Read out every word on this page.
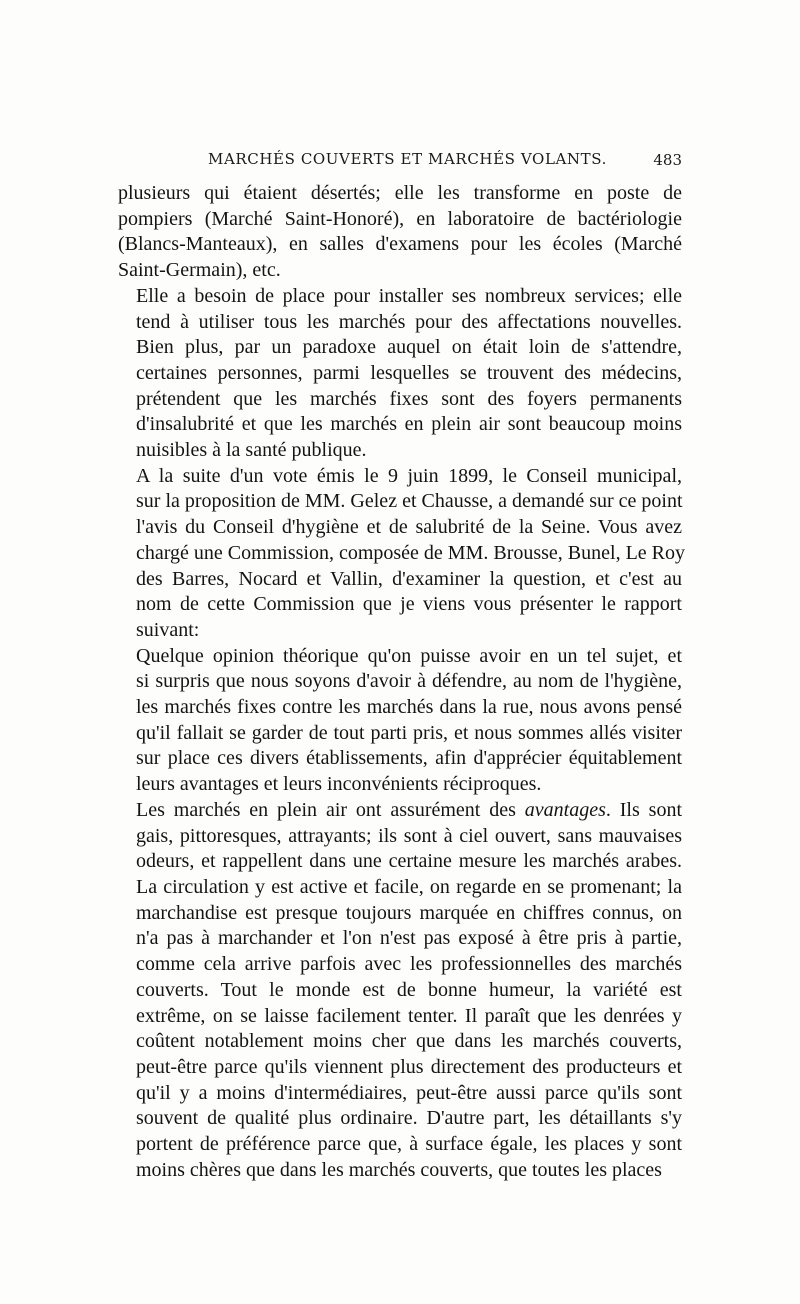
MARCHÉS COUVERTS ET MARCHÉS VOLANTS.	483

plusieurs qui étaient désertés; elle les transforme en poste de
pompiers (Marché Saint-Honoré), en laboratoire de bactériologie
(Blancs-Manteaux), en salles d'examens pour les écoles (Marché
Saint-Germain), etc.

Elle a besoin de place pour installer ses nombreux services; elle
tend à utiliser tous les marchés pour des affectations nouvelles.
Bien plus, par un paradoxe auquel on était loin de s'attendre,
certaines personnes, parmi lesquelles se trouvent des médecins,
prétendent que les marchés fixes sont des foyers permanents
d'insalubrité et que les marchés en plein air sont beaucoup moins
nuisibles à la santé publique.

A la suite d'un vote émis le 9 juin 1899, le Conseil municipal,
sur la proposition de MM. Gelez et Chausse, a demandé sur ce point
l'avis du Conseil d'hygiène et de salubrité de la Seine. Vous avez
chargé une Commission, composée de MM. Brousse, Bunel, Le Roy
des Barres, Nocard et Vallin, d'examiner la question, et c'est au
nom de cette Commission que je viens vous présenter le rapport
suivant:

Quelque opinion théorique qu'on puisse avoir en un tel sujet, et
si surpris que nous soyons d'avoir à défendre, au nom de l'hygiène,
les marchés fixes contre les marchés dans la rue, nous avons pensé
qu'il fallait se garder de tout parti pris, et nous sommes allés visiter
sur place ces divers établissements, afin d'apprécier équitablement
leurs avantages et leurs inconvénients réciproques.

Les marchés en plein air ont assurément des avantages. Ils sont
gais, pittoresques, attrayants; ils sont à ciel ouvert, sans mauvaises
odeurs, et rappellent dans une certaine mesure les marchés arabes.
La circulation y est active et facile, on regarde en se promenant; la
marchandise est presque toujours marquée en chiffres connus, on
n'a pas à marchander et l'on n'est pas exposé à être pris à partie,
comme cela arrive parfois avec les professionnelles des marchés
couverts. Tout le monde est de bonne humeur, la variété est
extrême, on se laisse facilement tenter. Il paraît que les denrées y
coûtent notablement moins cher que dans les marchés couverts,
peut-être parce qu'ils viennent plus directement des producteurs et
qu'il y a moins d'intermédiaires, peut-être aussi parce qu'ils sont
souvent de qualité plus ordinaire. D'autre part, les détaillants s'y
portent de préférence parce que, à surface égale, les places y sont
moins chères que dans les marchés couverts, que toutes les places
